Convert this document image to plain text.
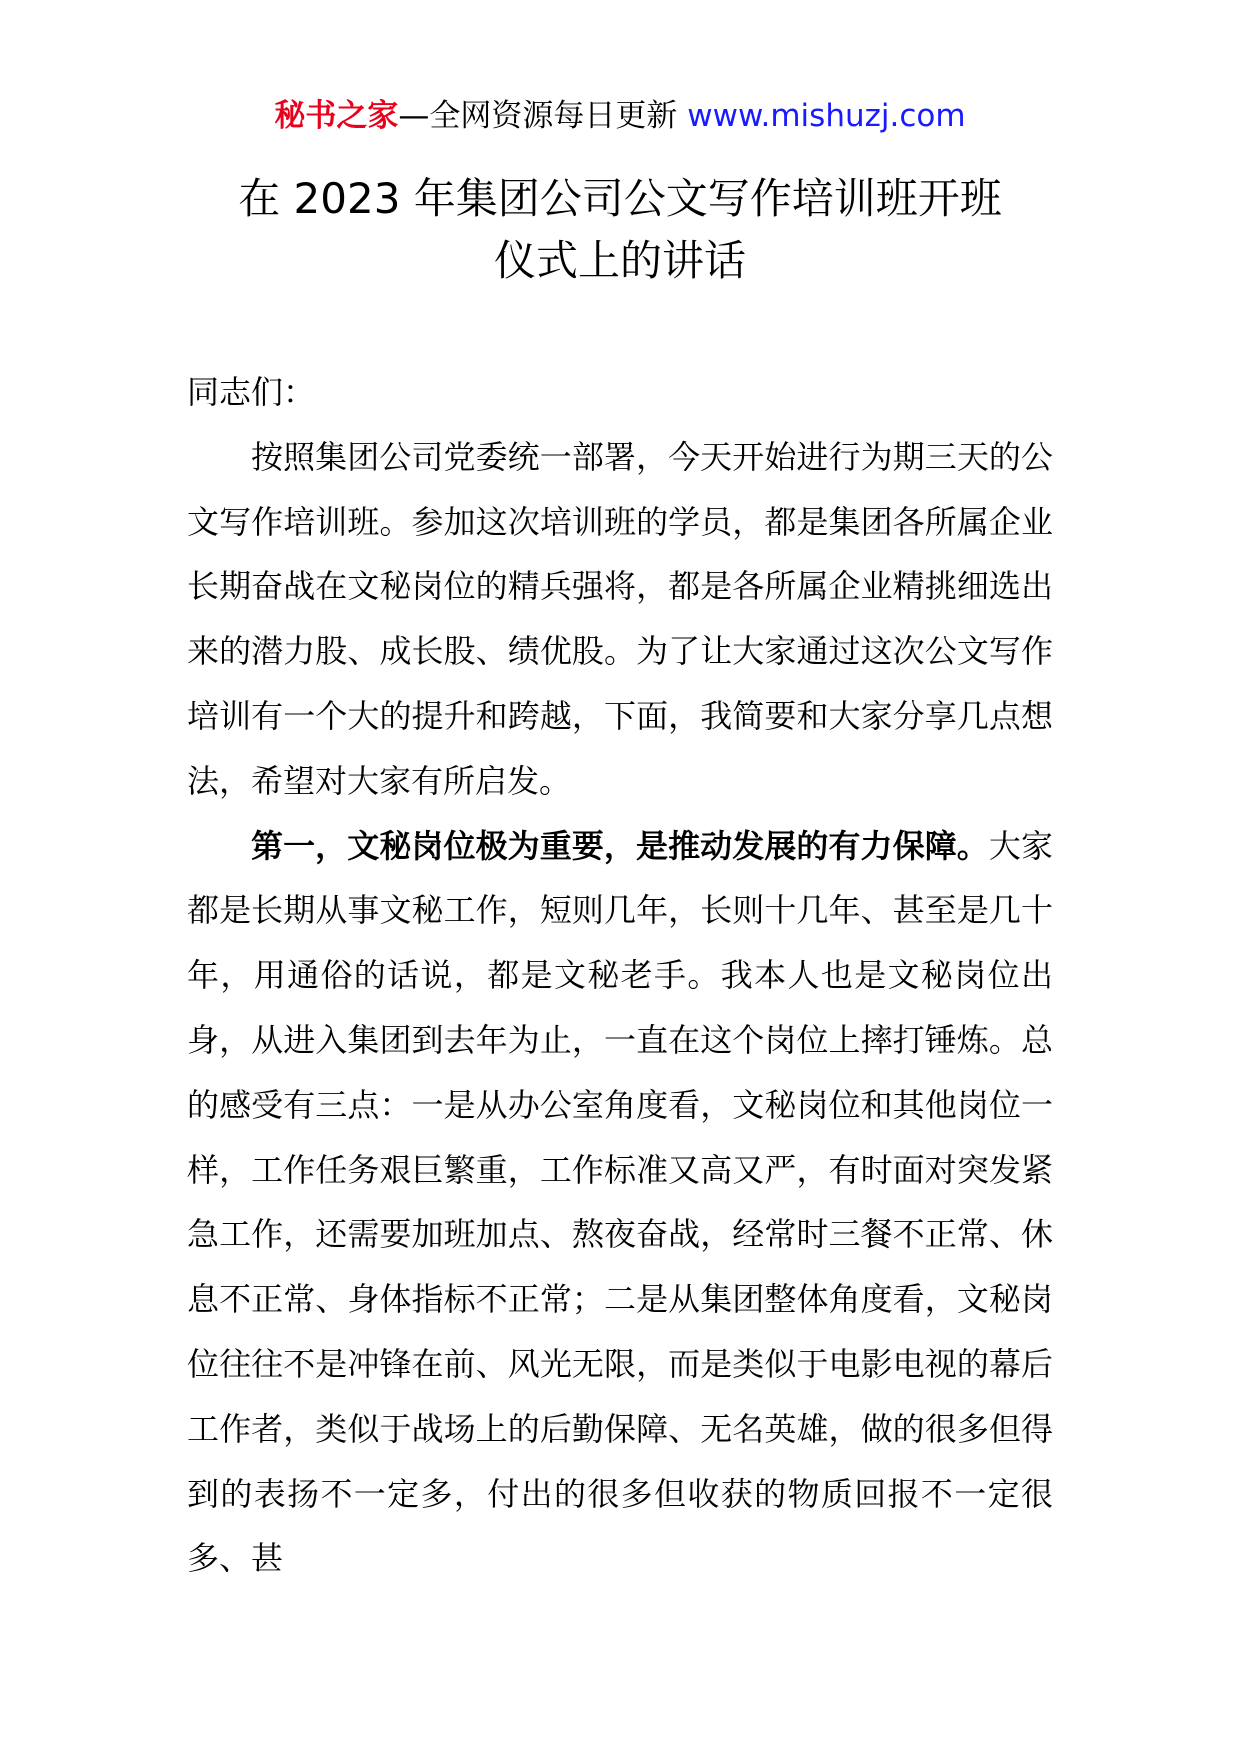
秘书之家—全网资源每日更新 www.mishuzj.com
在 2023 年集团公司公文写作培训班开班
仪式上的讲话

同志们：

按照集团公司党委统一部署，今天开始进行为期三天的公文写作培训班。参加这次培训班的学员，都是集团各所属企业长期奋战在文秘岗位的精兵强将，都是各所属企业精挑细选出来的潜力股、成长股、绩优股。为了让大家通过这次公文写作培训有一个大的提升和跨越，下面，我简要和大家分享几点想法，希望对大家有所启发。

第一，文秘岗位极为重要，是推动发展的有力保障。大家都是长期从事文秘工作，短则几年，长则十几年、甚至是几十年，用通俗的话说，都是文秘老手。我本人也是文秘岗位出身，从进入集团到去年为止，一直在这个岗位上摔打锤炼。总的感受有三点：一是从办公室角度看，文秘岗位和其他岗位一样，工作任务艰巨繁重，工作标准又高又严，有时面对突发紧急工作，还需要加班加点、熬夜奋战，经常时三餐不正常、休息不正常、身体指标不正常；二是从集团整体角度看，文秘岗位往往不是冲锋在前、风光无限，而是类似于电影电视的幕后工作者，类似于战场上的后勤保障、无名英雄，做的很多但得到的表扬不一定多，付出的很多但收获的物质回报不一定很多、甚
